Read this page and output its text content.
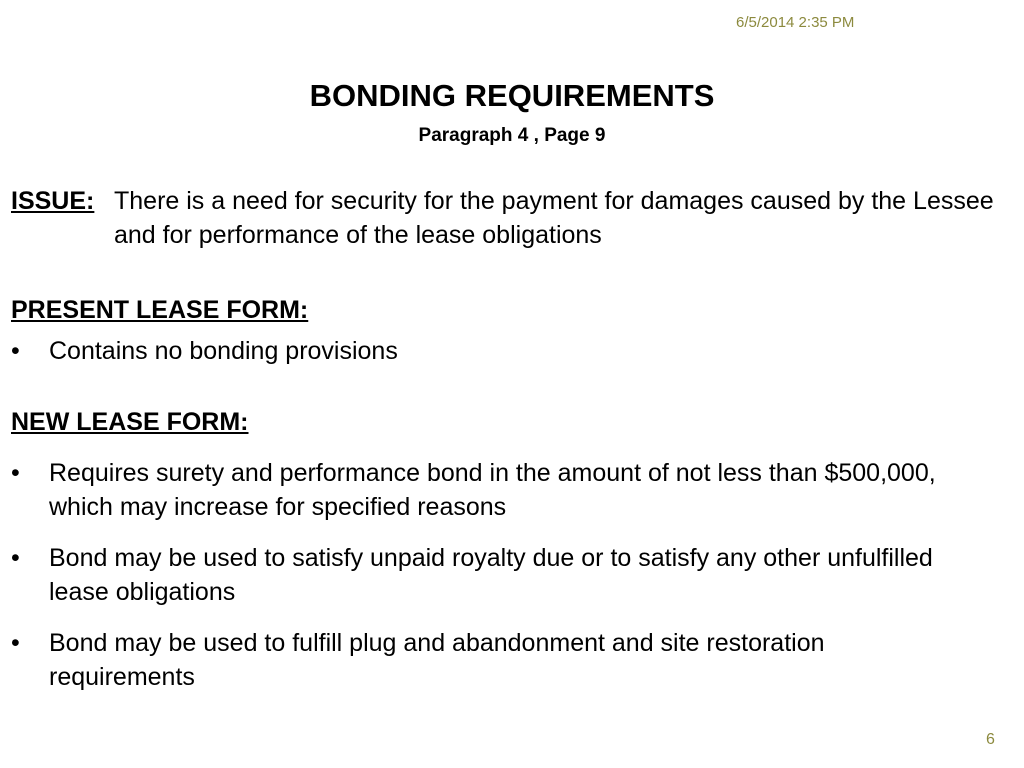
6/5/2014 2:35 PM
BONDING REQUIREMENTS
Paragraph 4 , Page 9
ISSUE: There is a need for security for the payment for damages caused by the Lessee and for performance of the lease obligations
PRESENT LEASE FORM:
• Contains no bonding provisions
NEW LEASE FORM:
• Requires surety and performance bond in the amount of not less than $500,000, which may increase for specified reasons
• Bond may be used to satisfy unpaid royalty due or to satisfy any other unfulfilled lease obligations
• Bond may be used to fulfill plug and abandonment and site restoration requirements
6
